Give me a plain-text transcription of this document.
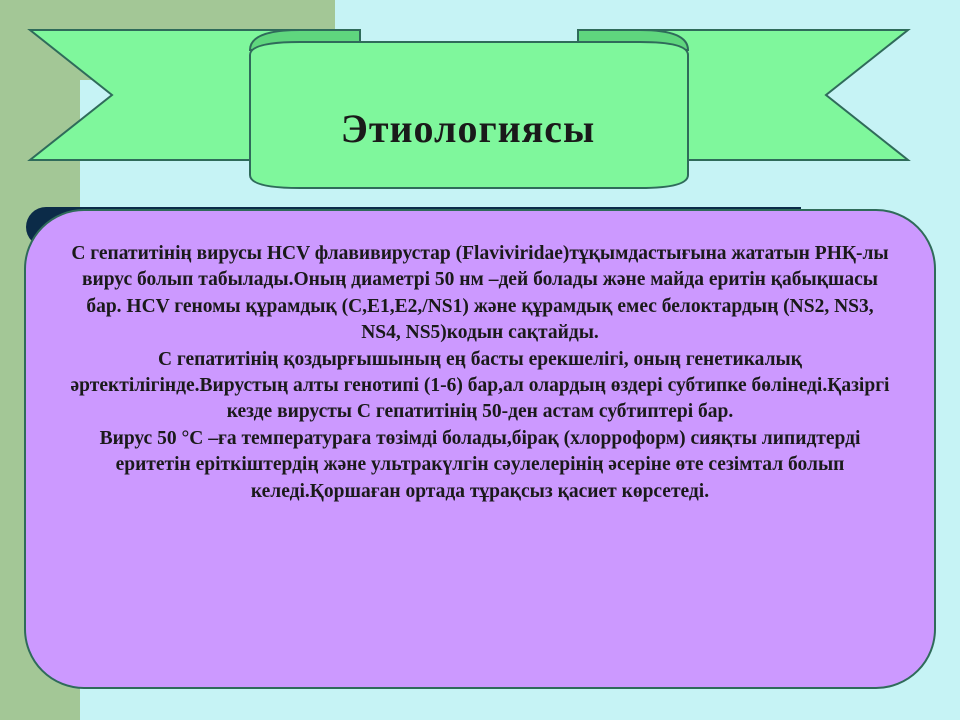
Этиологиясы

С гепатитінің вирусы HCV флавивирустар (Flaviviridae)тұқымдастығына жататын РНҚ-лы вирус болып табылады.Оның диаметрі 50 нм –дей болады және майда еритін қабықшасы бар. HCV геномы құрамдық (C,E1,E2,/NS1) және құрамдық емес белоктардың (NS2, NS3, NS4, NS5)кодын сақтайды.

С гепатитінің қоздырғышының ең басты ерекшелігі, оның генетикалық әртектілігінде.Вирустың алты генотипі (1-6) бар,ал олардың өздері субтипке бөлінеді.Қазіргі кезде вирусты С гепатитінің 50-ден астам субтиптері бар.

Вирус 50 °С –ға температураға төзімді болады,бірақ (хлорроформ) сияқты липидтерді еритетін еріткіштердің және ультракүлгін сәулелерінің әсеріне өте сезімтал болып келеді.Қоршаған ортада тұрақсыз қасиет көрсетеді.
